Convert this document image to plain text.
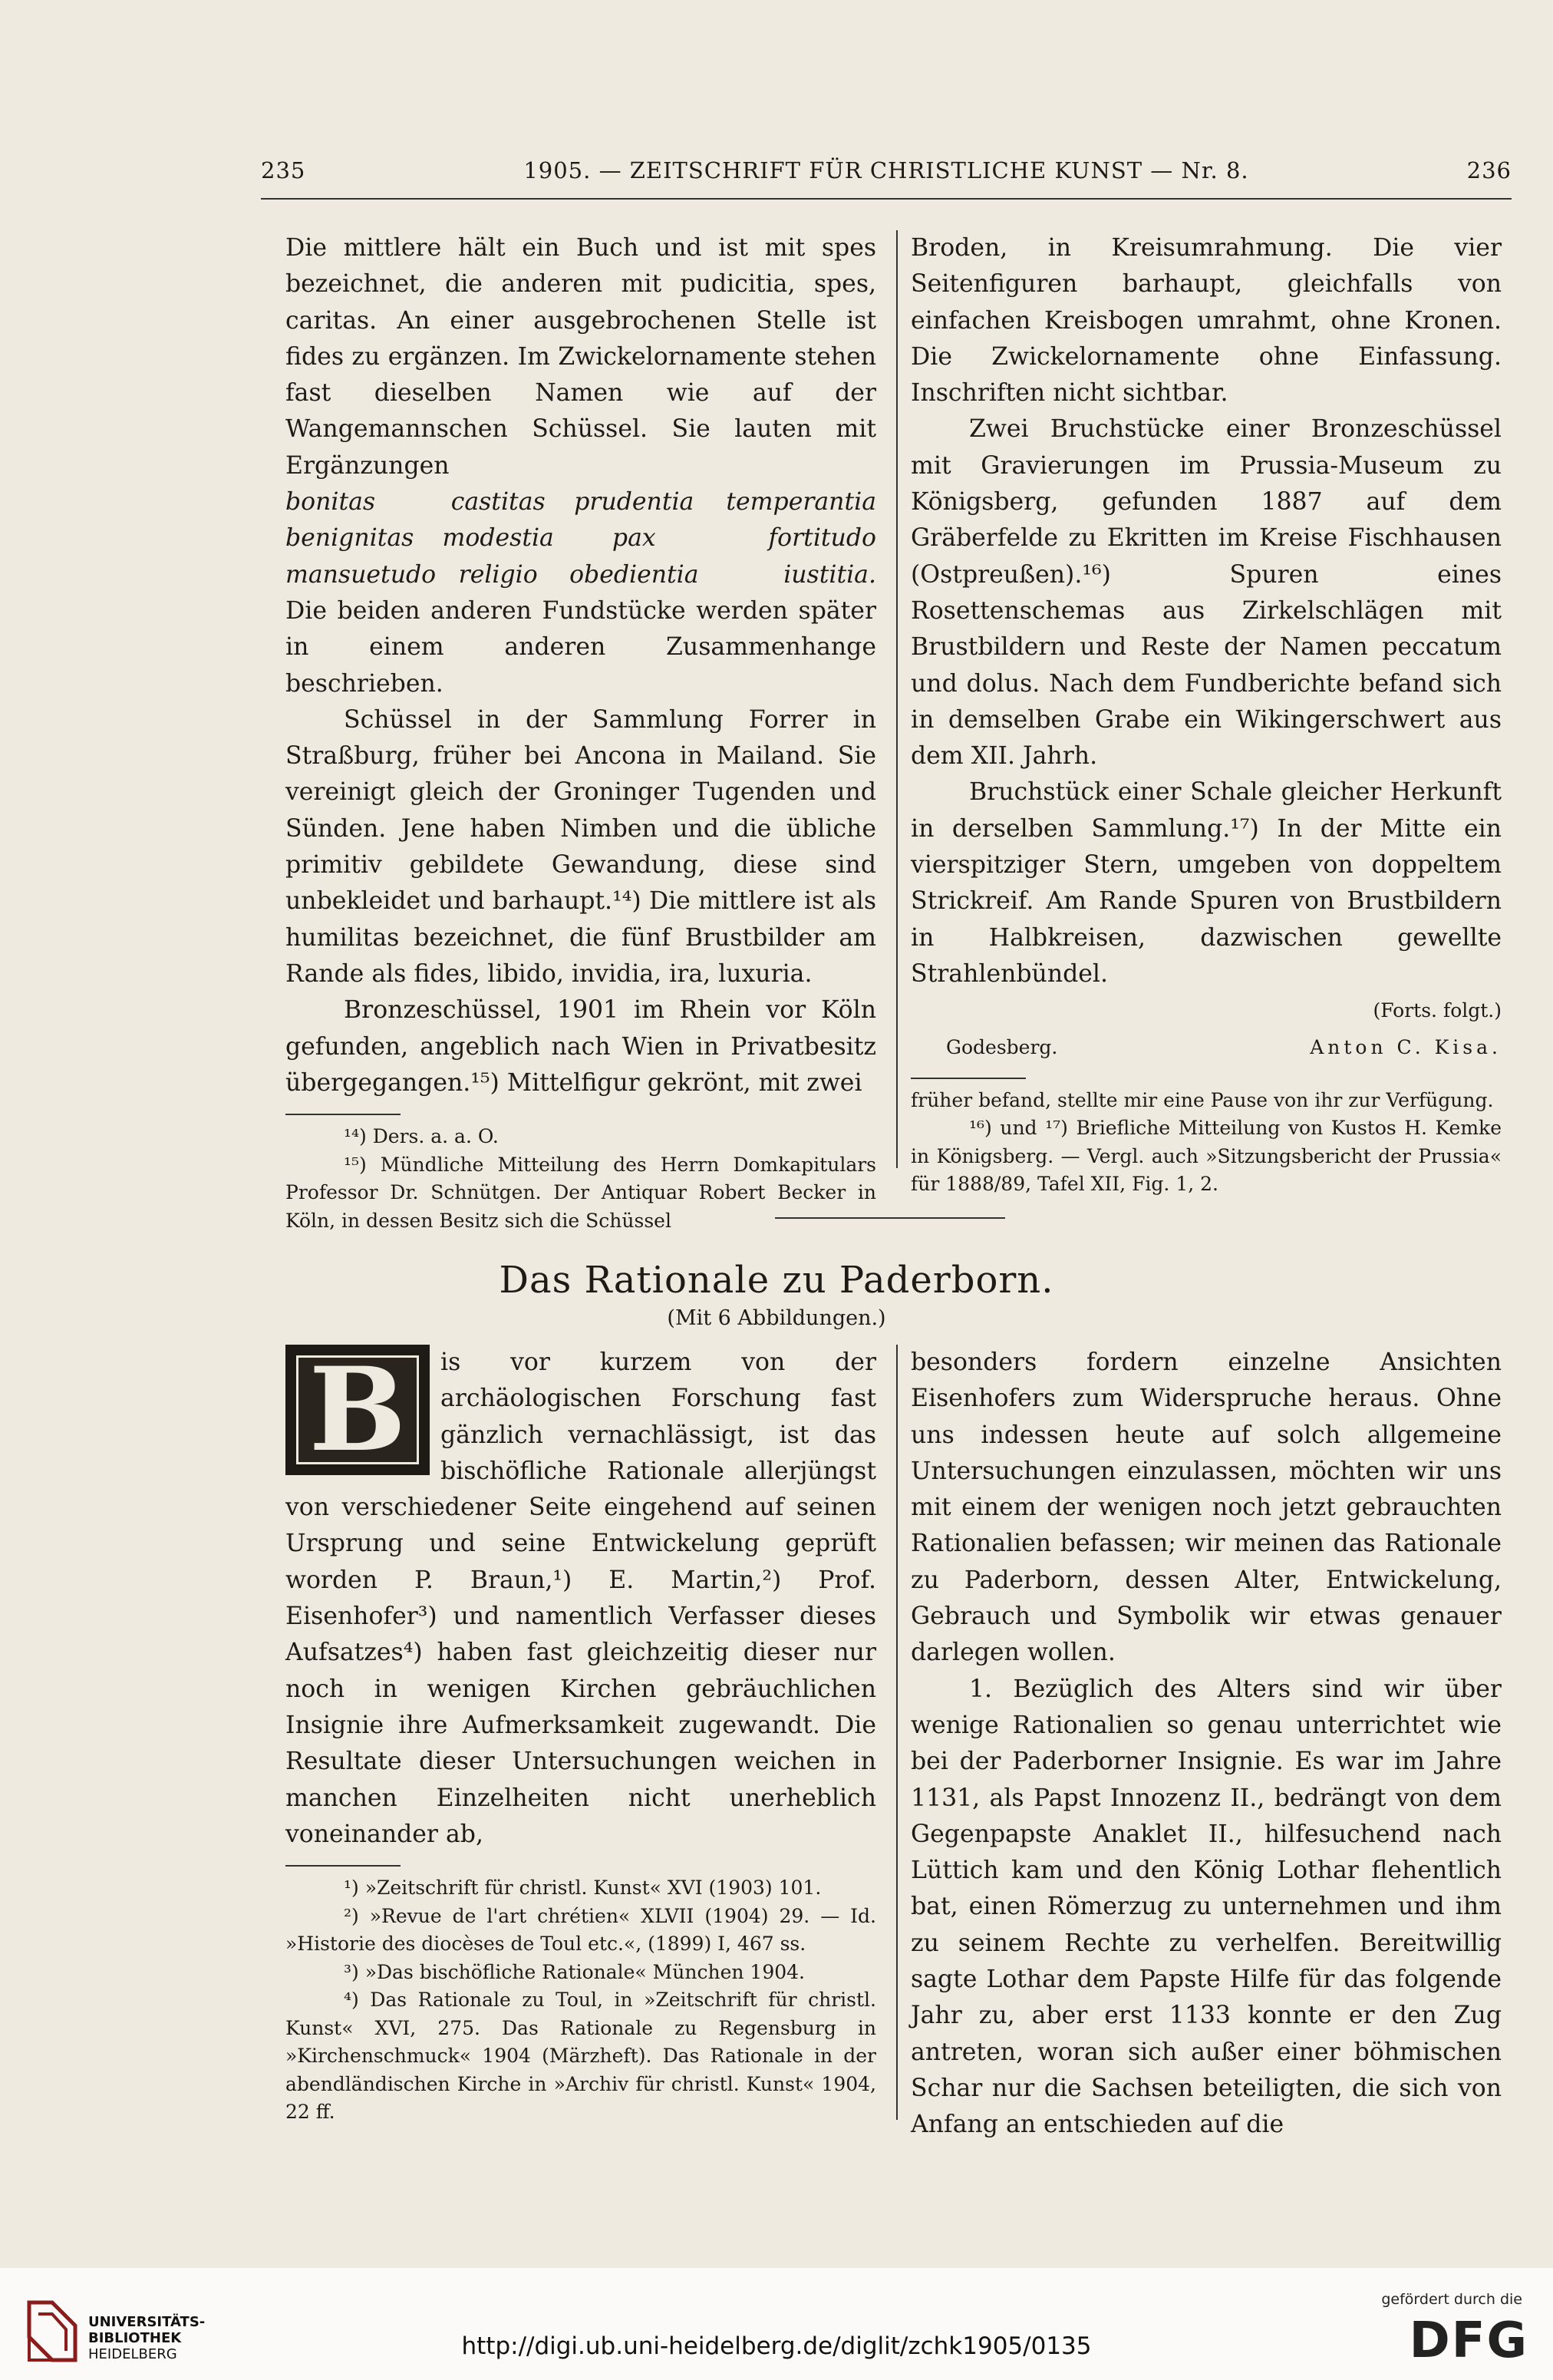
235	1905. — ZEITSCHRIFT FÜR CHRISTLICHE KUNST — Nr. 8.	236

Die mittlere hält ein Buch und ist mit spes bezeichnet, die anderen mit pudicitia, spes, caritas. An einer ausgebrochenen Stelle ist fides zu ergänzen. Im Zwickelornamente stehen fast dieselben Namen wie auf der Wangemannschen Schüssel. Sie lauten mit Ergänzungen

bonitas	castitas	prudentia	temperantia
benignitas	modestia	pax	fortitudo
mansuetudo religio	obedientia	iustitia.

Die beiden anderen Fundstücke werden später in einem anderen Zusammenhange beschrieben.

Schüssel in der Sammlung Forrer in Straßburg, früher bei Ancona in Mailand. Sie vereinigt gleich der Groninger Tugenden und Sünden. Jene haben Nimben und die übliche primitiv gebildete Gewandung, diese sind unbekleidet und barhaupt.¹⁴) Die mittlere ist als humilitas bezeichnet, die fünf Brustbilder am Rande als fides, libido, invidia, ira, luxuria.

Bronzeschüssel, 1901 im Rhein vor Köln gefunden, angeblich nach Wien in Privatbesitz übergegangen.¹⁵) Mittelfigur gekrönt, mit zwei

¹⁴) Ders. a. a. O.

¹⁵) Mündliche Mitteilung des Herrn Domkapitulars Professor Dr. Schnütgen. Der Antiquar Robert Becker in Köln, in dessen Besitz sich die Schüssel

Broden, in Kreisumrahmung. Die vier Seitenfiguren barhaupt, gleichfalls von einfachen Kreisbogen umrahmt, ohne Kronen. Die Zwickelornamente ohne Einfassung. Inschriften nicht sichtbar.

Zwei Bruchstücke einer Bronzeschüssel mit Gravierungen im Prussia-Museum zu Königsberg, gefunden 1887 auf dem Gräberfelde zu Ekritten im Kreise Fischhausen (Ostpreußen).¹⁶) Spuren eines Rosettenschemas aus Zirkelschlägen mit Brustbildern und Reste der Namen peccatum und dolus. Nach dem Fundberichte befand sich in demselben Grabe ein Wikingerschwert aus dem XII. Jahrh.

Bruchstück einer Schale gleicher Herkunft in derselben Sammlung.¹⁷) In der Mitte ein vierspitziger Stern, umgeben von doppeltem Strickreif. Am Rande Spuren von Brustbildern in Halbkreisen, dazwischen gewellte Strahlenbündel.

(Forts. folgt.)

Godesberg.	Anton C. Kisa.

früher befand, stellte mir eine Pause von ihr zur Verfügung.

¹⁶) und ¹⁷) Briefliche Mitteilung von Kustos H. Kemke in Königsberg. — Vergl. auch »Sitzungsbericht der Prussia« für 1888/89, Tafel XII, Fig. 1, 2.

Das Rationale zu Paderborn.
(Mit 6 Abbildungen.)
B	is vor kurzem von der archäologischen Forschung fast gänzlich vernachlässigt, ist das bischöfliche Rationale allerjüngst von verschiedener Seite eingehend auf seinen Ursprung und seine Entwickelung geprüft worden P. Braun,¹) E. Martin,²) Prof. Eisenhofer³) und namentlich Verfasser dieses Aufsatzes⁴) haben fast gleichzeitig dieser nur noch in wenigen Kirchen gebräuchlichen Insignie ihre Aufmerksamkeit zugewandt. Die Resultate dieser Untersuchungen weichen in manchen Einzelheiten nicht unerheblich voneinander ab,

¹) »Zeitschrift für christl. Kunst« XVI (1903) 101.

²) »Revue de l'art chrétien« XLVII (1904) 29. — Id. »Historie des diocèses de Toul etc.«, (1899) I, 467 ss.

³) »Das bischöfliche Rationale« München 1904.

⁴) Das Rationale zu Toul, in »Zeitschrift für christl. Kunst« XVI, 275. Das Rationale zu Regensburg in »Kirchenschmuck« 1904 (Märzheft). Das Rationale in der abendländischen Kirche in »Archiv für christl. Kunst« 1904, 22 ff.

besonders fordern einzelne Ansichten Eisenhofers zum Widerspruche heraus. Ohne uns indessen heute auf solch allgemeine Untersuchungen einzulassen, möchten wir uns mit einem der wenigen noch jetzt gebrauchten Rationalien befassen; wir meinen das Rationale zu Paderborn, dessen Alter, Entwickelung, Gebrauch und Symbolik wir etwas genauer darlegen wollen.

1. Bezüglich des Alters sind wir über wenige Rationalien so genau unterrichtet wie bei der Paderborner Insignie. Es war im Jahre 1131, als Papst Innozenz II., bedrängt von dem Gegenpapste Anaklet II., hilfesuchend nach Lüttich kam und den König Lothar flehentlich bat, einen Römerzug zu unternehmen und ihm zu seinem Rechte zu verhelfen. Bereitwillig sagte Lothar dem Papste Hilfe für das folgende Jahr zu, aber erst 1133 konnte er den Zug antreten, woran sich außer einer böhmischen Schar nur die Sachsen beteiligten, die sich von Anfang an entschieden auf die

UNIVERSITÄTS-
BIBLIOTHEK
HEIDELBERG	http://digi.ub.uni-heidelberg.de/diglit/zchk1905/0135
gefördert durch die
DFG
